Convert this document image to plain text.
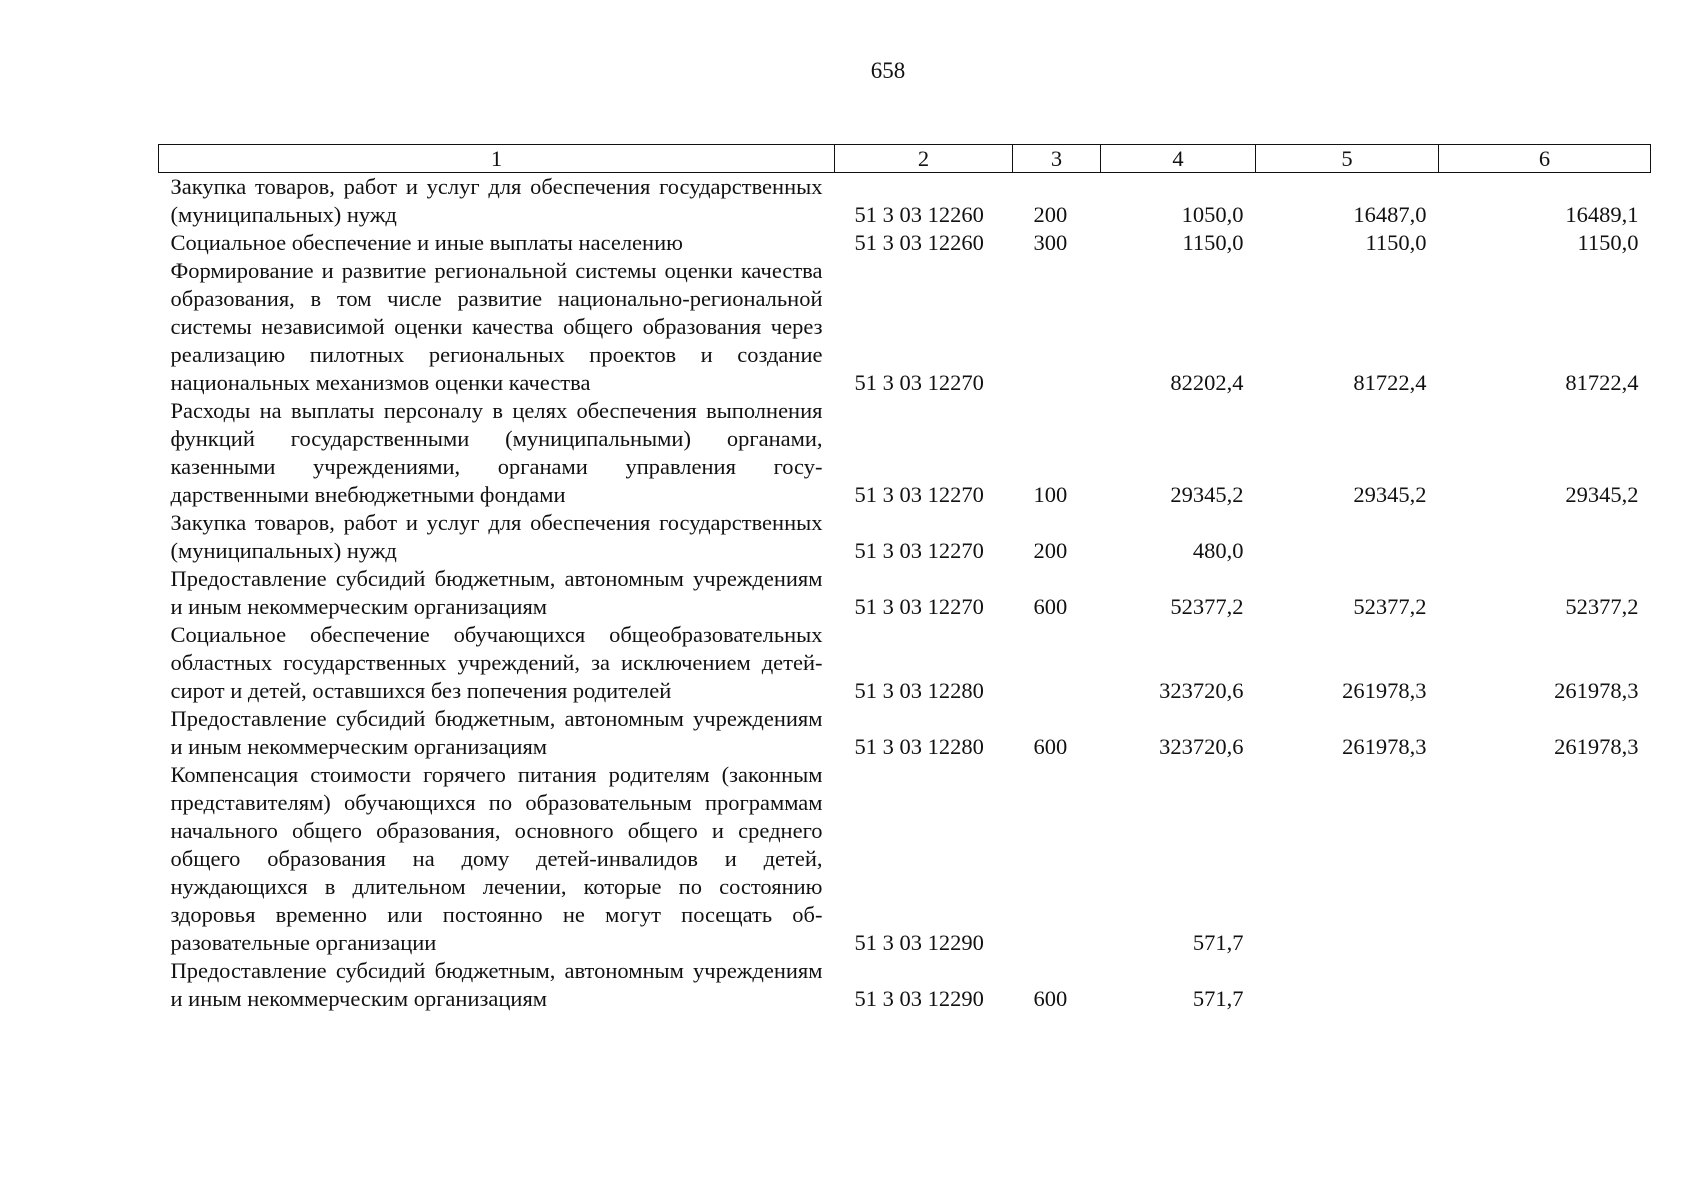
658
1	2	3	4	5	6
Закупка товаров, работ и услуг для обеспечения государственных (муниципальных) нужд	51 3 03 12260	200	1050,0	16487,0	16489,1
Социальное обеспечение и иные выплаты населению	51 3 03 12260	300	1150,0	1150,0	1150,0
Формирование и развитие региональной системы оценки качества образования, в том числе развитие национально-региональной системы независимой оценки качества общего образования через реализацию пилотных региональных проектов и создание национальных механизмов оценки качества	51 3 03 12270		82202,4	81722,4	81722,4
Расходы на выплаты персоналу в целях обеспечения выполнения функций государственными (муниципальными) органами, казенными учреждениями, органами управления государственными внебюджетными фондами	51 3 03 12270	100	29345,2	29345,2	29345,2
Закупка товаров, работ и услуг для обеспечения государственных (муниципальных) нужд	51 3 03 12270	200	480,0		
Предоставление субсидий бюджетным, автономным учреждениям и иным некоммерческим организациям	51 3 03 12270	600	52377,2	52377,2	52377,2
Социальное обеспечение обучающихся общеобразовательных областных государственных учреждений, за исключением детей-сирот и детей, оставшихся без попечения родителей	51 3 03 12280		323720,6	261978,3	261978,3
Предоставление субсидий бюджетным, автономным учреждениям и иным некоммерческим организациям	51 3 03 12280	600	323720,6	261978,3	261978,3
Компенсация стоимости горячего питания родителям (законным представителям) обучающихся по образовательным программам начального общего образования, основного общего и среднего общего образования на дому детей-инвалидов и детей, нуждающихся в длительном лечении, которые по состоянию здоровья временно или постоянно не могут посещать образовательные организации	51 3 03 12290		571,7		
Предоставление субсидий бюджетным, автономным учреждениям и иным некоммерческим организациям	51 3 03 12290	600	571,7		
